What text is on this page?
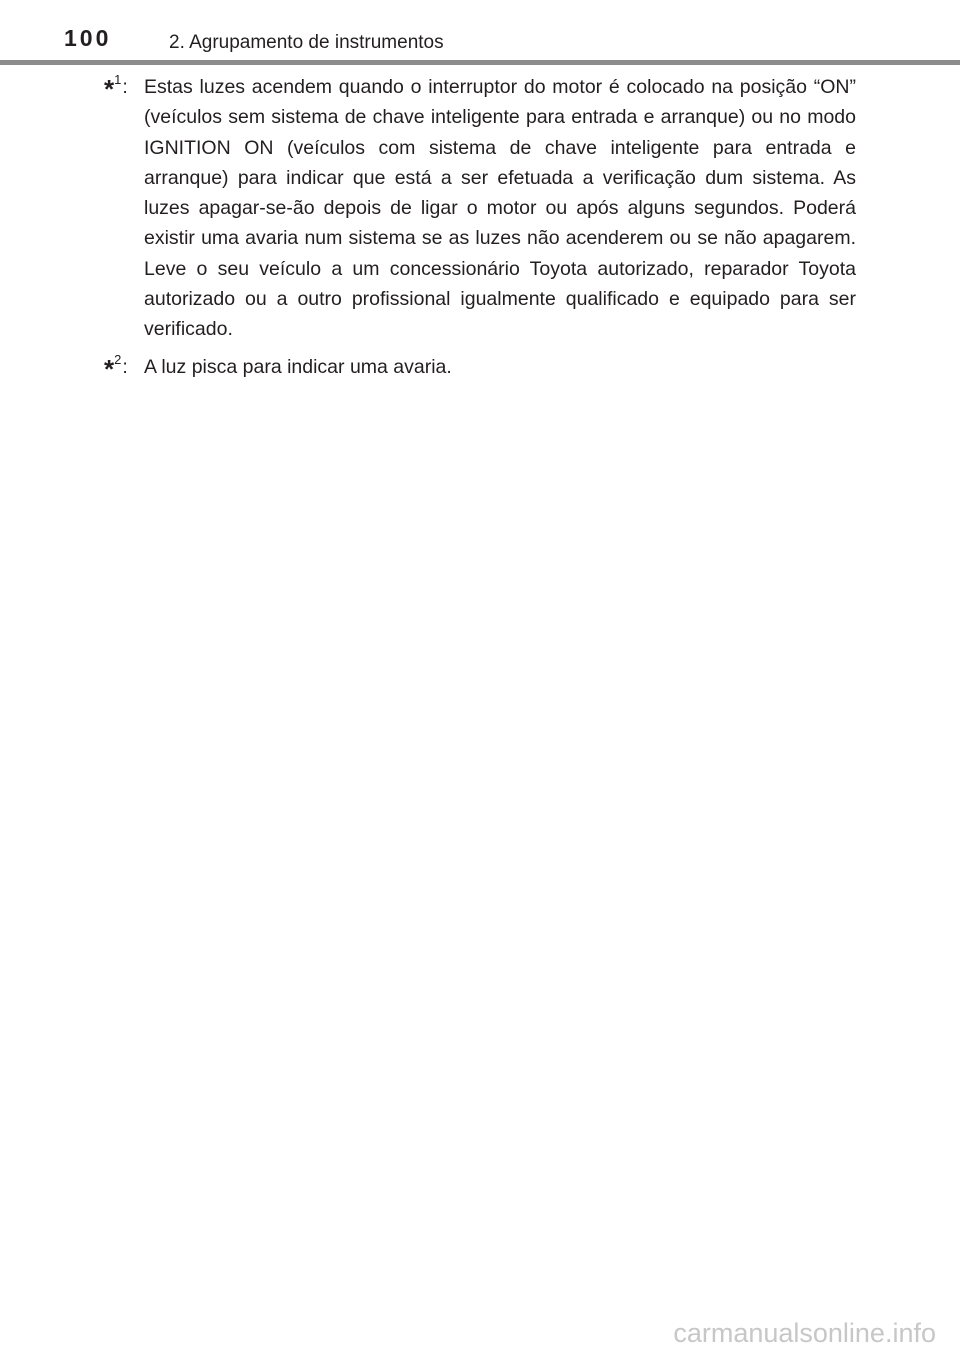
100	2. Agrupamento de instrumentos
*$^1$: Estas luzes acendem quando o interruptor do motor é colocado na posição “ON” (veículos sem sistema de chave inteligente para entrada e arranque) ou no modo IGNITION ON (veículos com sistema de chave inteligente para entrada e arranque) para indicar que está a ser efetuada a verificação dum sistema. As luzes apagar-se-ão depois de ligar o motor ou após alguns segundos. Poderá existir uma avaria num sistema se as luzes não acenderem ou se não apagarem. Leve o seu veículo a um concessionário Toyota autorizado, reparador Toyota autorizado ou a outro profissional igualmente qualificado e equipado para ser verificado.
*$^2$: A luz pisca para indicar uma avaria.
carmanualsonline.info
